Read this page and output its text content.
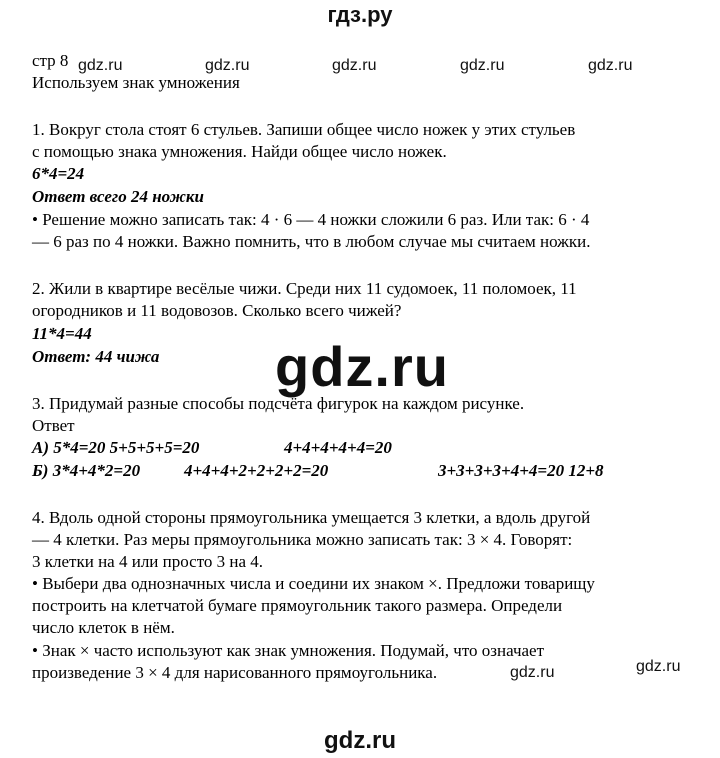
гдз.ру
стр 8 gdz.ru	gdz.ru	gdz.ru	gdz.ru	gdz.ru
Используем знак умножения
1. Вокруг стола стоят 6 стульев. Запиши общее число ножек у этих стульев
с помощью знака умножения. Найди общее число ножек.
6*4=24
Ответ всего 24 ножки
• Решение можно записать так: 4 · 6 — 4 ножки сложили 6 раз. Или так: 6 · 4
— 6 раз по 4 ножки. Важно помнить, что в любом случае мы считаем ножки.
2. Жили в квартире весёлые чижи. Среди них 11 судомоек, 11 поломоек, 11
огородников и 11 водовозов. Сколько всего чижей?
11*4=44
Ответ: 44 чижа gdz.ru
3. Придумай разные способы подсчёта фигурок на каждом рисунке.
Ответ
А) 5*4=20 5+5+5+5=20	4+4+4+4+4=20
Б) 3*4+4*2=20	4+4+4+2+2+2+2=20	3+3+3+3+4+4=20 12+8
4. Вдоль одной стороны прямоугольника умещается 3 клетки, а вдоль другой
— 4 клетки. Раз меры прямоугольника можно записать так: 3 × 4. Говорят:
3 клетки на 4 или просто 3 на 4.
• Выбери два однозначных числа и соедини их знаком ×. Предложи товарищу
построить на клетчатой бумаге прямоугольник такого размера. Определи
число клеток в нём.
• Знак × часто используют как знак умножения. Подумай, что означает
произведение 3 × 4 для нарисованного прямоугольника.	gdz.ru	gdz.ru
gdz.ru
